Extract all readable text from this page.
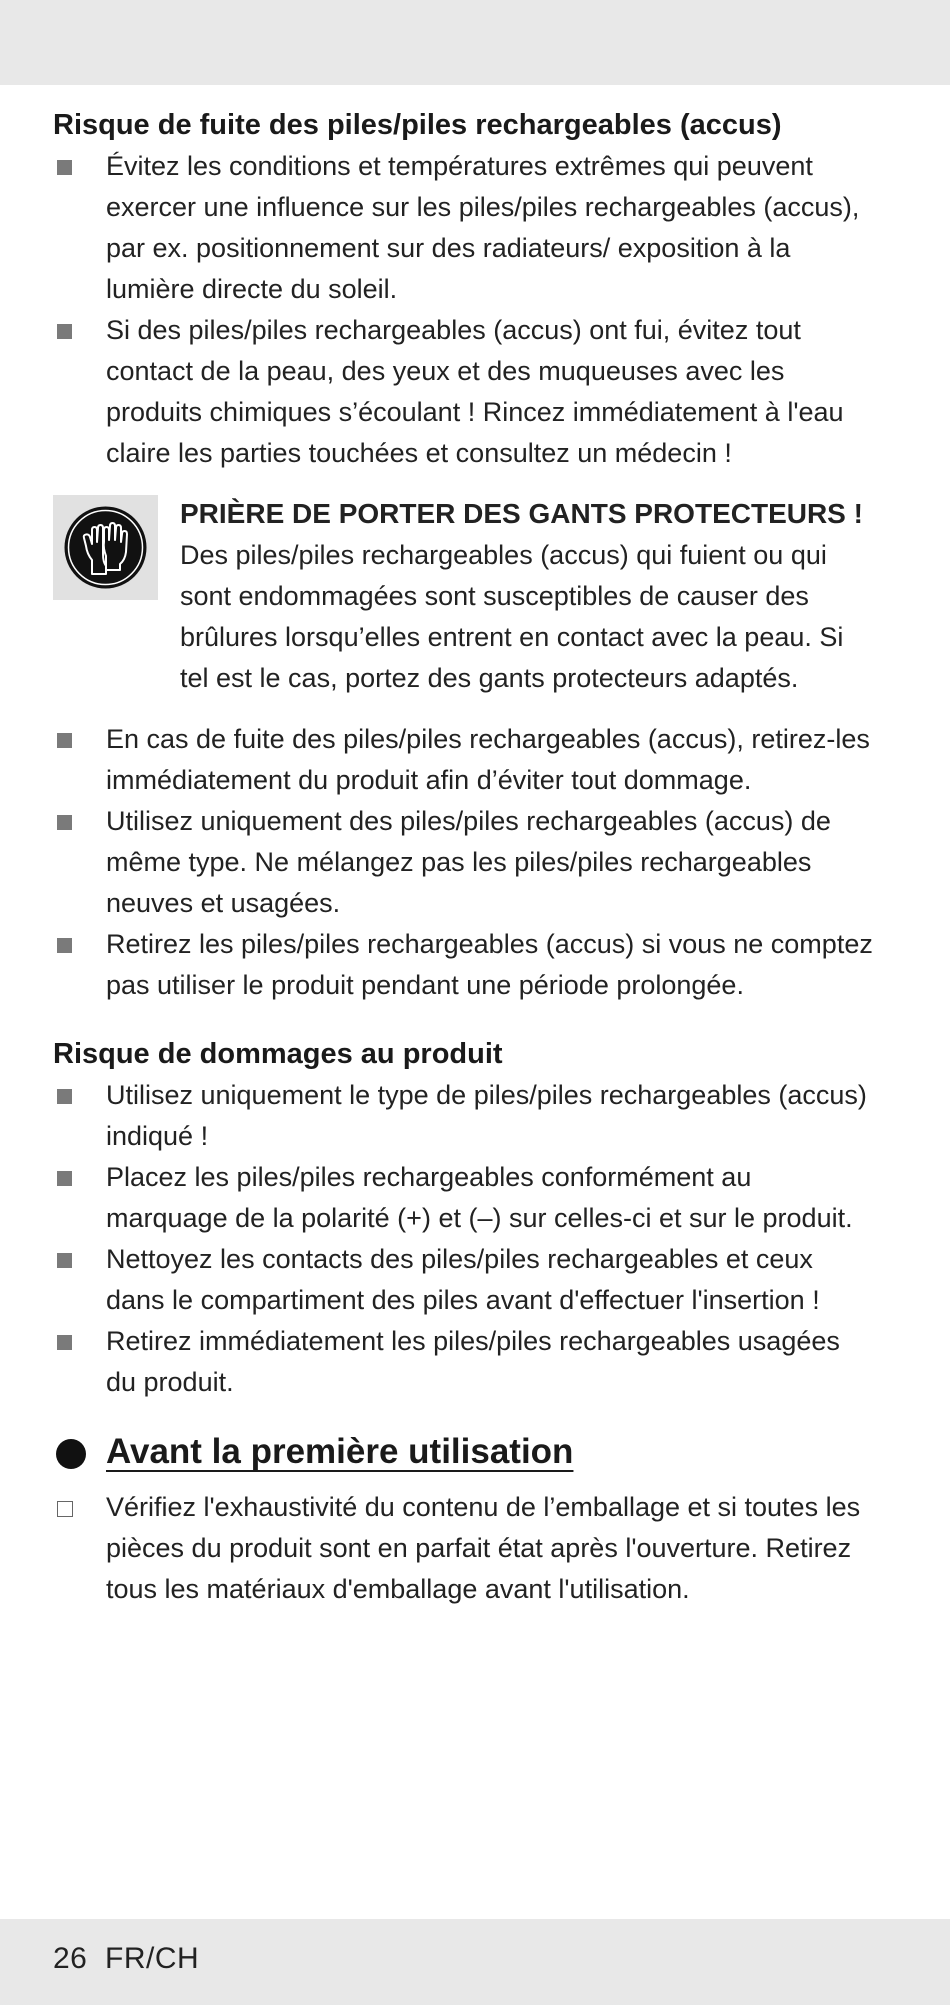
Risque de fuite des piles/piles rechargeables (accus)
Évitez les conditions et températures extrêmes qui peuvent exercer une influence sur les piles/piles rechargeables (accus), par ex. positionnement sur des radiateurs/ exposition à la lumière directe du soleil.
Si des piles/piles rechargeables (accus) ont fui, évitez tout contact de la peau, des yeux et des muqueuses avec les produits chimiques s’écoulant ! Rincez immédiatement à l'eau claire les parties touchées et consultez un médecin !
PRIÈRE DE PORTER DES GANTS PROTECTEURS ! Des piles/piles rechargeables (accus) qui fuient ou qui sont endommagées sont susceptibles de causer des brûlures lorsqu’elles entrent en contact avec la peau. Si tel est le cas, portez des gants protecteurs adaptés.
En cas de fuite des piles/piles rechargeables (accus), retirez-les immédiatement du produit afin d’éviter tout dommage.
Utilisez uniquement des piles/piles rechargeables (accus) de même type. Ne mélangez pas les piles/piles rechargeables neuves et usagées.
Retirez les piles/piles rechargeables (accus) si vous ne comptez pas utiliser le produit pendant une période prolongée.
Risque de dommages au produit
Utilisez uniquement le type de piles/piles rechargeables (accus) indiqué !
Placez les piles/piles rechargeables conformément au marquage de la polarité (+) et (–) sur celles-ci et sur le produit.
Nettoyez les contacts des piles/piles rechargeables et ceux dans le compartiment des piles avant d'effectuer l'insertion !
Retirez immédiatement les piles/piles rechargeables usagées du produit.
Avant la première utilisation
Vérifiez l'exhaustivité du contenu de l’emballage et si toutes les pièces du produit sont en parfait état après l'ouverture. Retirez tous les matériaux d'emballage avant l'utilisation.
26 FR/CH
